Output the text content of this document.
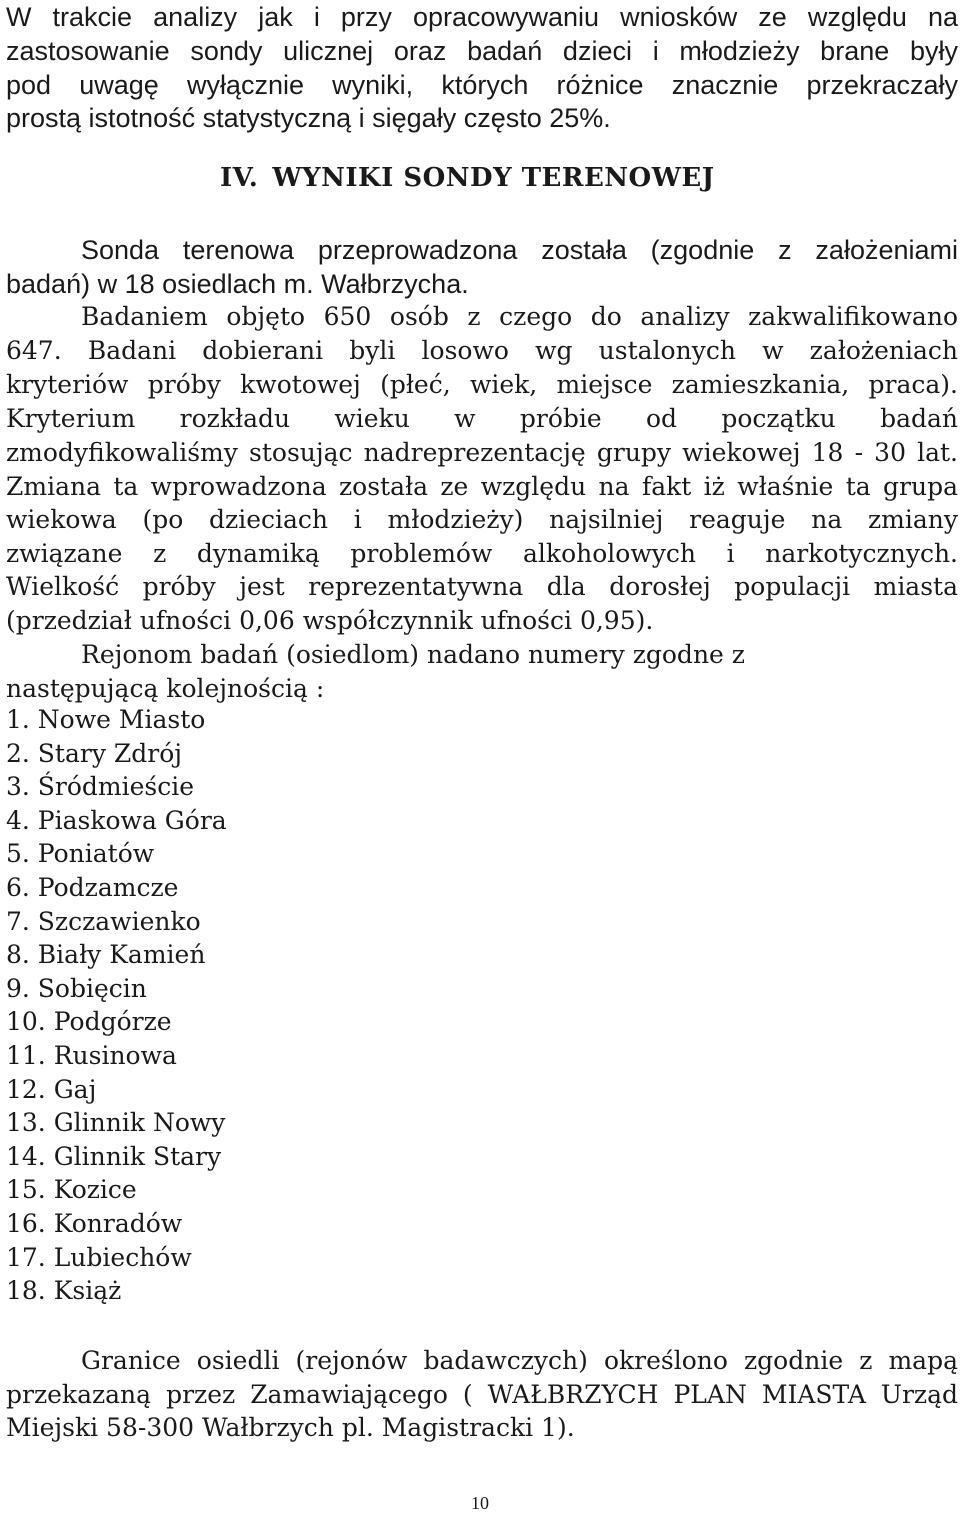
W trakcie analizy jak i przy opracowywaniu wniosków ze względu na
zastosowanie sondy ulicznej oraz badań dzieci i młodzieży brane były
pod uwagę wyłącznie wyniki, których różnice znacznie przekraczały
prostą istotność statystyczną i sięgały często 25%.
IV. WYNIKI SONDY TERENOWEJ
Sonda terenowa przeprowadzona została (zgodnie z założeniami
badań) w 18 osiedlach m. Wałbrzycha.
Badaniem objęto 650 osób z czego do analizy zakwalifikowano
647. Badani dobierani byli losowo wg ustalonych w założeniach
kryteriów próby kwotowej (płeć, wiek, miejsce zamieszkania, praca).
Kryterium rozkładu wieku w próbie od początku badań
zmodyfikowaliśmy stosując nadreprezentację grupy wiekowej 18 - 30 lat.
Zmiana ta wprowadzona została ze względu na fakt iż właśnie ta grupa
wiekowa (po dzieciach i młodzieży) najsilniej reaguje na zmiany
związane z dynamiką problemów alkoholowych i narkotycznych.
Wielkość próby jest reprezentatywna dla dorosłej populacji miasta
(przedział ufności 0,06 współczynnik ufności 0,95).
Rejonom badań (osiedlom) nadano numery zgodne z
następującą kolejnością :
1. Nowe Miasto
2. Stary Zdrój
3. Śródmieście
4. Piaskowa Góra
5. Poniatów
6. Podzamcze
7. Szczawienko
8. Biały Kamień
9. Sobięcin
10. Podgórze
11. Rusinowa
12. Gaj
13. Glinnik Nowy
14. Glinnik Stary
15. Kozice
16. Konradów
17. Lubiechów
18. Książ
Granice osiedli (rejonów badawczych) określono zgodnie z mapą
przekazaną przez Zamawiającego ( WAŁBRZYCH PLAN MIASTA Urząd
Miejski 58-300 Wałbrzych pl. Magistracki 1).
10
